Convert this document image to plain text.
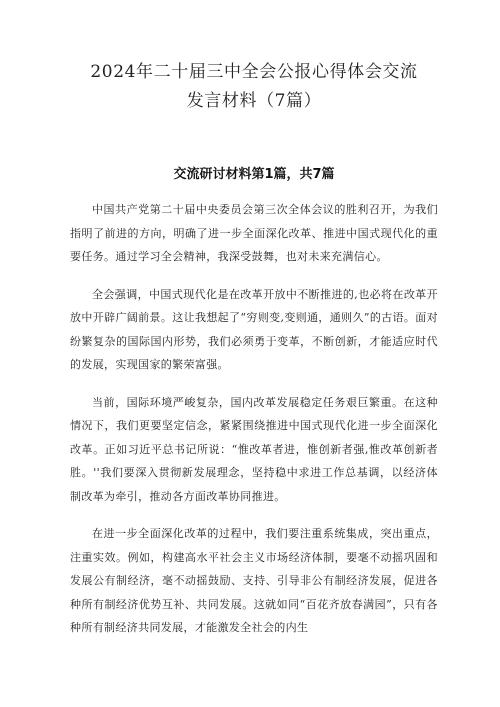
2024年二十届三中全会公报心得体会交流
发言材料（7篇）
交流研讨材料第1篇，共7篇

中国共产党第二十届中央委员会第三次全体会议的胜利召开，为我们指明了前进的方向，明确了进一步全面深化改革、推进中国式现代化的重要任务。通过学习全会精神，我深受鼓舞，也对未来充满信心。

全会强调，中国式现代化是在改革开放中不断推进的,也必将在改革开放中开辟广阔前景。这让我想起了“穷则变,变则通，通则久”的古语。面对纷繁复杂的国际国内形势，我们必须勇于变革，不断创新，才能适应时代的发展，实现国家的繁荣富强。

当前，国际环境严峻复杂，国内改革发展稳定任务艰巨繁重。在这种情况下，我们更要坚定信念，紧紧围绕推进中国式现代化进一步全面深化改革。正如习近平总书记所说：“惟改革者进，惟创新者强,惟改革创新者胜。''我们要深入贯彻新发展理念，坚持稳中求进工作总基调，以经济体制改革为牵引，推动各方面改革协同推进。

在进一步全面深化改革的过程中，我们要注重系统集成，突出重点，注重实效。例如，构建高水平社会主义市场经济体制，要毫不动摇巩固和发展公有制经济，毫不动摇鼓励、支持、引导非公有制经济发展，促进各种所有制经济优势互补、共同发展。这就如同“百花齐放春满园”，只有各种所有制经济共同发展，才能激发全社会的内生
